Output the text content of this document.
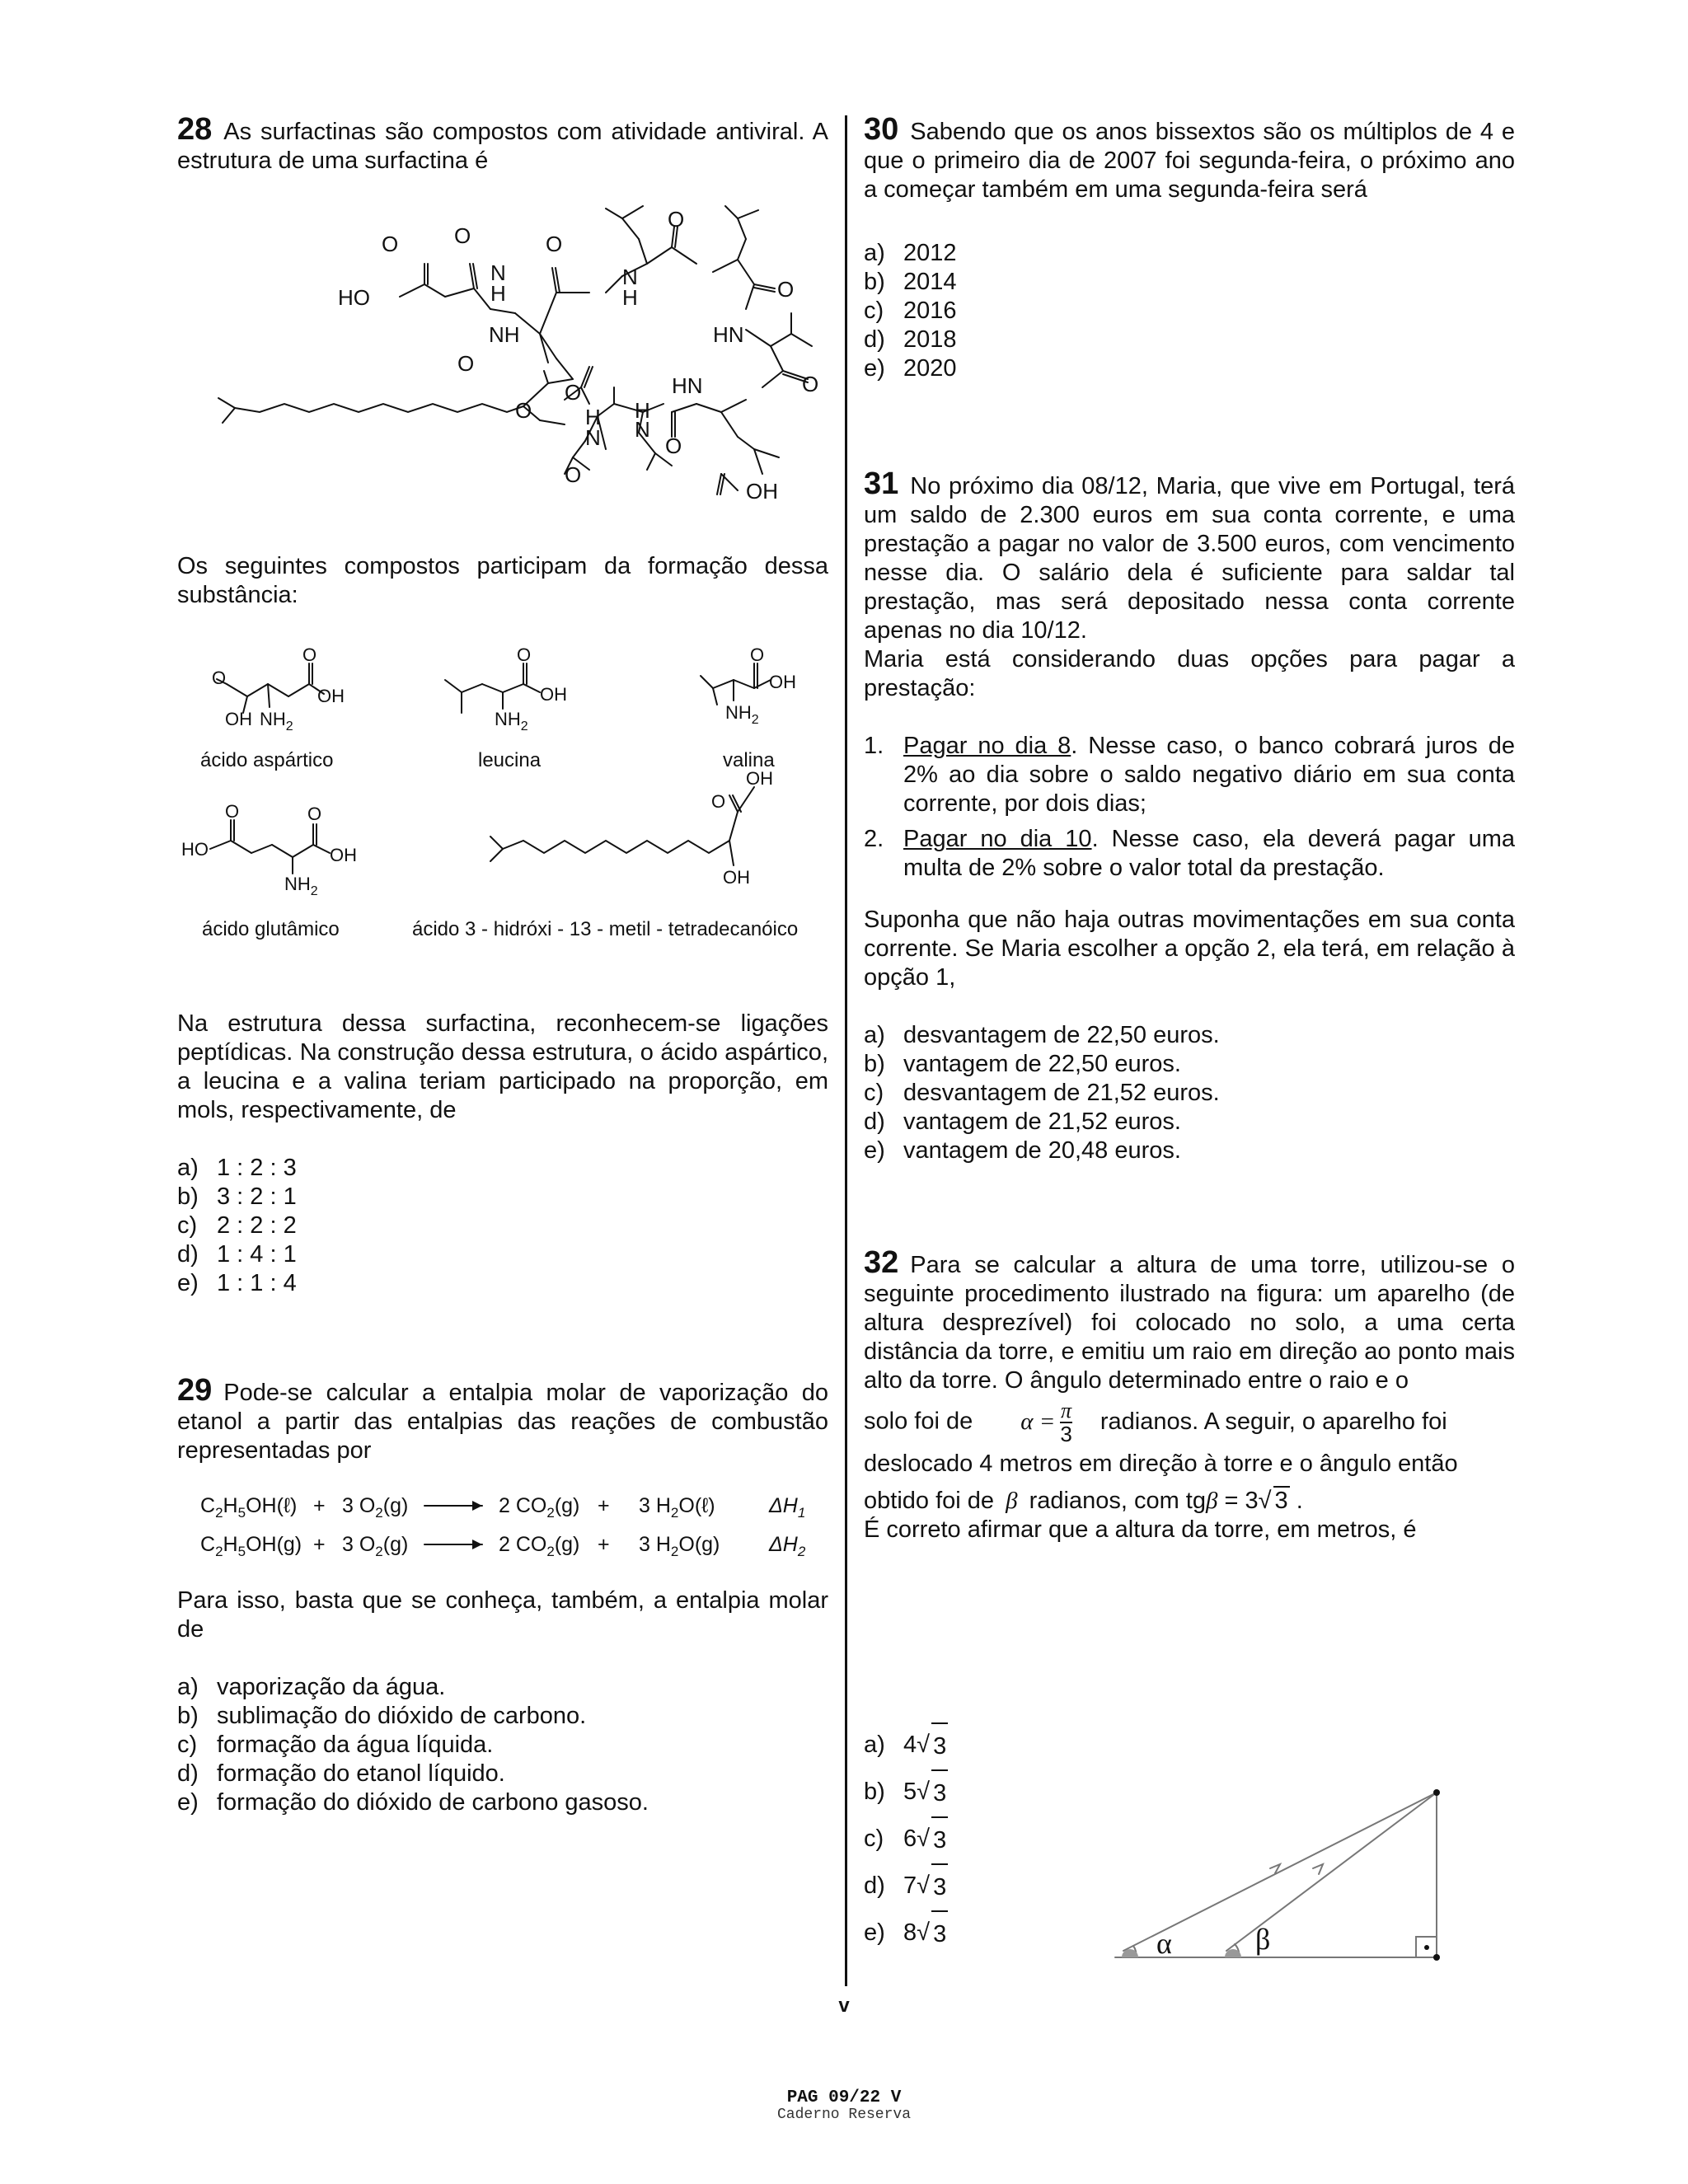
28 As surfactinas são compostos com atividade antiviral. A estrutura de uma surfactina é

O
O
HO
N
H
O
N
H
NH
O
HN
O
O
HN	O
O
O
H
N
H
N
O
O
OH

Os seguintes compostos participam da formação dessa substância:

O
O
OH
OH $NH_2$
ácido aspártico
O
OH
$NH_2$
leucina
O
OH
$NH_2$
valina
O
HO
O
OH
$NH_2$
ácido glutâmico
OH
O
OH
ácido 3 - hidróxi - 13 - metil - tetradecanóico

Na estrutura dessa surfactina, reconhecem-se ligações peptídicas. Na construção dessa estrutura, o ácido aspártico, a leucina e a valina teriam participado na proporção, em mols, respectivamente, de

a) 1 : 2 : 3
b) 3 : 2 : 1
c) 2 : 2 : 2
d) 1 : 4 : 1
e) 1 : 1 : 4

29 Pode-se calcular a entalpia molar de vaporização do etanol a partir das entalpias das reações de combustão representadas por

$C_2H_5OH(\ell) + 3$ $O_2(g)$	2 $CO_2(g) + 3$ $H_2O(\ell)$	$\Delta H_1$
$C_2H_5OH(g) + 3$ $O_2(g)$	2 $CO_2(g) + 3$ $H_2O(g)$ $\Delta H_2$

Para isso, basta que se conheça, também, a entalpia molar de

a) vaporização da água.
b) sublimação do dióxido de carbono.
c) formação da água líquida.
d) formação do etanol líquido.
e) formação do dióxido de carbono gasoso.

30 Sabendo que os anos bissextos são os múltiplos de 4 e que o primeiro dia de 2007 foi segunda-feira, o próximo ano a começar também em uma segunda-feira será

a) 2012
b) 2014
c) 2016
d) 2018
e) 2020

31 No próximo dia 08/12, Maria, que vive em Portugal, terá um saldo de 2.300 euros em sua conta corrente, e uma prestação a pagar no valor de 3.500 euros, com vencimento nesse dia. O salário dela é suficiente para saldar tal prestação, mas será depositado nessa conta corrente apenas no dia 10/12.

Maria está considerando duas opções para pagar a prestação:

1. Pagar no dia 8. Nesse caso, o banco cobrará juros de 2% ao dia sobre o saldo negativo diário em sua conta corrente, por dois dias;
2. Pagar no dia 10. Nesse caso, ela deverá pagar uma multa de 2% sobre o valor total da prestação.

Suponha que não haja outras movimentações em sua conta corrente. Se Maria escolher a opção 2, ela terá, em relação à opção 1,

a) desvantagem de 22,50 euros.
b) vantagem de 22,50 euros.
c) desvantagem de 21,52 euros.
d) vantagem de 21,52 euros.
e) vantagem de 20,48 euros.

32 Para se calcular a altura de uma torre, utilizou-se o seguinte procedimento ilustrado na figura: um aparelho (de altura desprezível) foi colocado no solo, a uma certa distância da torre, e emitiu um raio em direção ao ponto mais alto da torre. O ângulo determinado entre o raio e o

solo foi de $\alpha = \frac{\pi}{3}$ radianos. A seguir, o aparelho foi

deslocado 4 metros em direção à torre e o ângulo então

obtido foi de β radianos, com tgβ = 3√ 3 .

É correto afirmar que a altura da torre, em metros, é

a) 4 √ 3
b) 5 √ 3
c) 6 √ 3
d) 7 √ 3
e) 8 √ 3	α	β
v
PAG 09/22 V
Caderno Reserva
